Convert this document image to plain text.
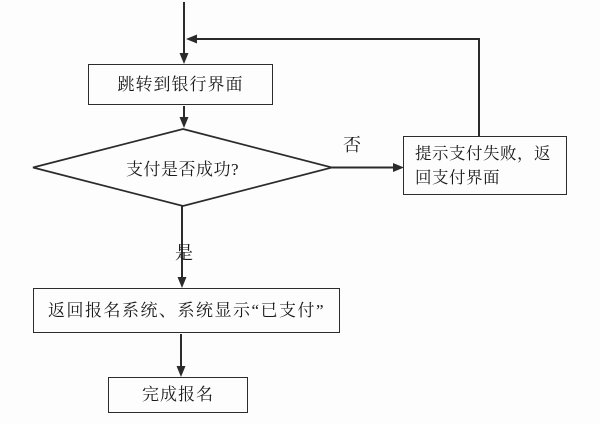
跳转到银行界面
支付是否成功?
否
是
提示支付失败，返
回支付界面
返回报名系统、系统显示“已支付”
完成报名
